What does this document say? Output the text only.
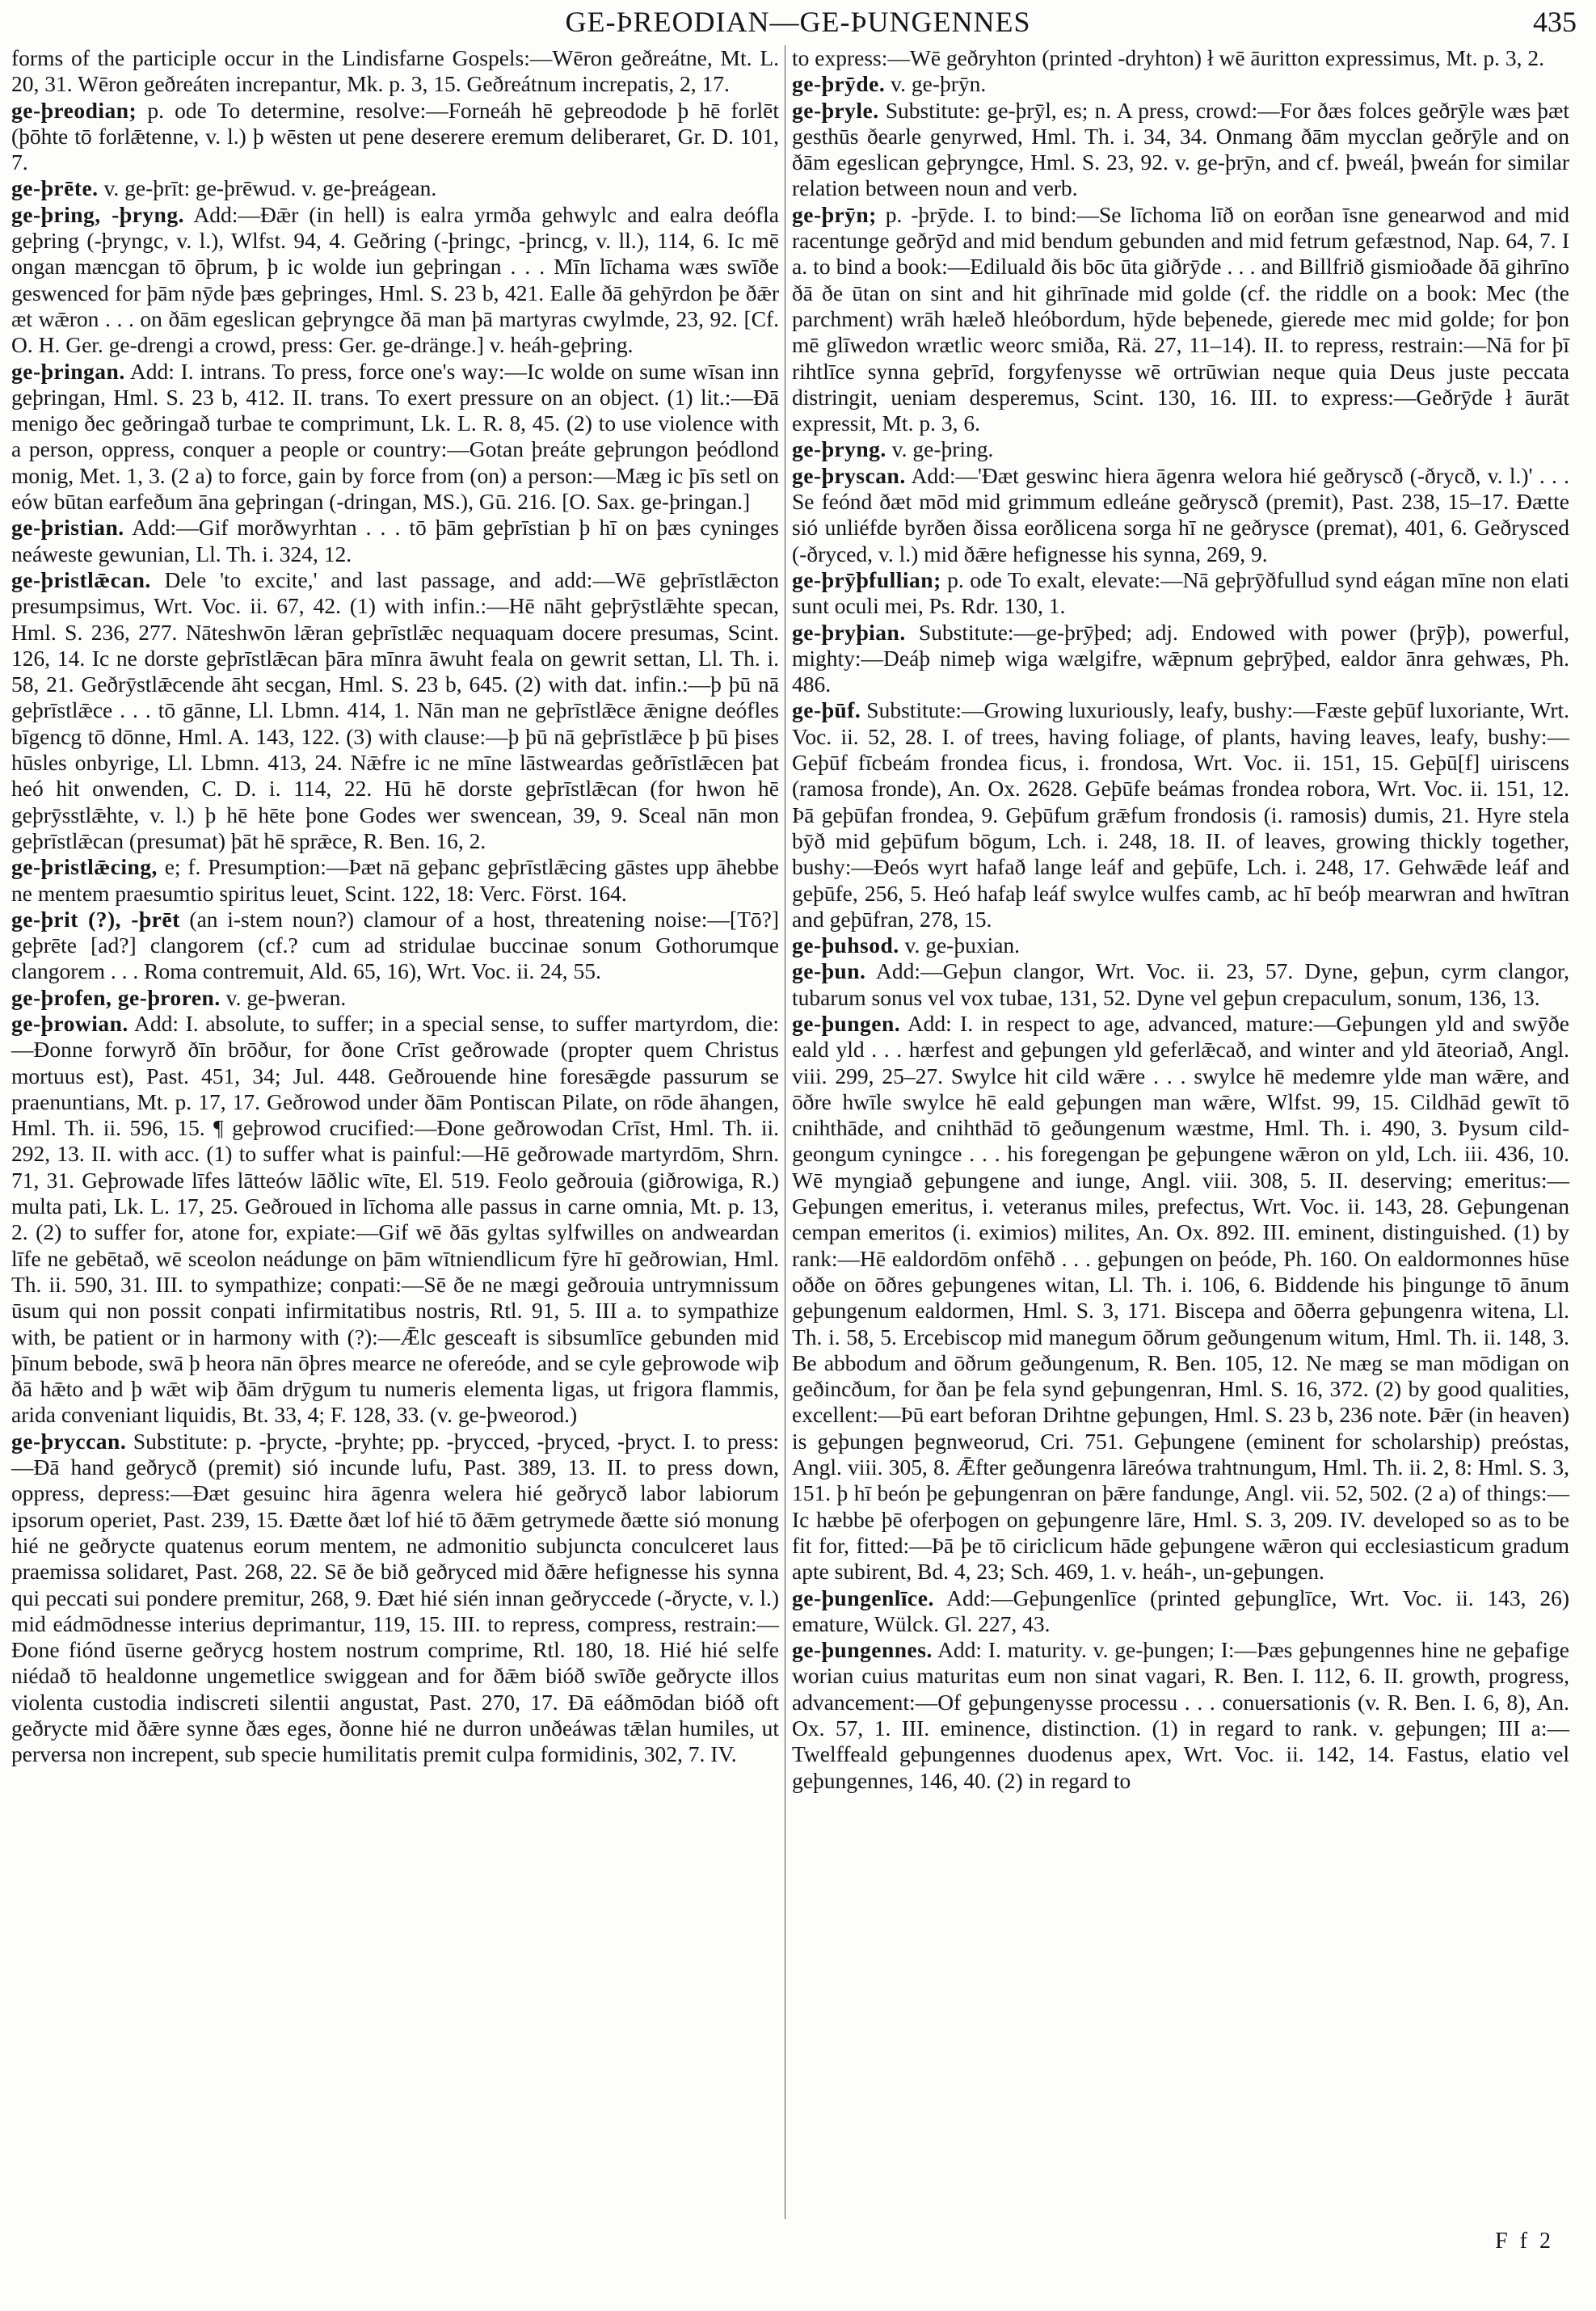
GE-ÞREODIAN—GE-ÞUNGENNES	435

forms of the participle occur in the Lindisfarne Gospels:—Wēron geðreátne, Mt. L. 20, 31. Wēron geðreáten increpantur, Mk. p. 3, 15. Geðreátnum increpatis, 2, 17.

ge-þreodian; p. ode To determine, resolve:—Forneáh hē geþreodode þ hē forlēt (þōhte tō forlǣtenne, v. l.) þ wēsten ut pene deserere eremum deliberaret, Gr. D. 101, 7.

ge-þrēte. v. ge-þrīt: ge-þrēwud. v. ge-þreágean.

ge-þring, -þryng. Add:—Ðǣr (in hell) is ealra yrmða gehwylc and ealra deófla geþring (-þryngc, v. l.), Wlfst. 94, 4. Geðring (-þringc, -þrincg, v. ll.), 114, 6. Ic mē ongan mæncgan tō ōþrum, þ ic wolde iun geþringan . . . Mīn līchama wæs swīðe geswenced for þām nȳde þæs geþringes, Hml. S. 23 b, 421. Ealle ðā gehȳrdon þe ðǣr æt wǣron . . . on ðām egeslican geþryngce ðā man þā martyras cwylmde, 23, 92. [Cf. O. H. Ger. ge-drengi a crowd, press: Ger. ge-dränge.] v. heáh-geþring.

ge-þringan. Add: I. intrans. To press, force one's way:—Ic wolde on sume wīsan inn geþringan, Hml. S. 23 b, 412. II. trans. To exert pressure on an object. (1) lit.:—Ðā menigo ðec geðringað turbae te comprimunt, Lk. L. R. 8, 45. (2) to use violence with a person, oppress, conquer a people or country:—Gotan þreáte geþrungon þeódlond monig, Met. 1, 3. (2 a) to force, gain by force from (on) a person:—Mæg ic þīs setl on eów būtan earfeðum āna geþringan (-dringan, MS.), Gū. 216. [O. Sax. ge-þringan.]

ge-þristian. Add:—Gif morðwyrhtan . . . tō þām geþrīstian þ hī on þæs cyninges neáweste gewunian, Ll. Th. i. 324, 12.

ge-þristlǣcan. Dele 'to excite,' and last passage, and add:—Wē geþrīstlǣcton presumpsimus, Wrt. Voc. ii. 67, 42. (1) with infin.:—Hē nāht geþrȳstlǣhte specan, Hml. S. 236, 277. Nāteshwōn lǣran geþrīstlǣc nequaquam docere presumas, Scint. 126, 14. Ic ne dorste geþrīstlǣcan þāra mīnra āwuht feala on gewrit settan, Ll. Th. i. 58, 21. Geðrȳstlǣcende āht secgan, Hml. S. 23 b, 645. (2) with dat. infin.:—þ þū nā geþrīstlǣce . . . tō gānne, Ll. Lbmn. 414, 1. Nān man ne geþrīstlǣce ǣnigne deófles bīgencg tō dōnne, Hml. A. 143, 122. (3) with clause:—þ þū nā geþrīstlǣce þ þū þises hūsles onbyrige, Ll. Lbmn. 413, 24. Nǣfre ic ne mīne lāstweardas geðrīstlǣcen þat heó hit onwenden, C. D. i. 114, 22. Hū hē dorste geþrīstlǣcan (for hwon hē geþrȳsstlǣhte, v. l.) þ hē hēte þone Godes wer swencean, 39, 9. Sceal nān mon geþrīstlǣcan (presumat) þāt hē sprǣce, R. Ben. 16, 2.

ge-þristlǣcing, e; f. Presumption:—Þæt nā geþanc geþrīstlǣcing gāstes upp āhebbe ne mentem praesumtio spiritus leuet, Scint. 122, 18: Verc. Först. 164.

ge-þrit (?), -þrēt (an i-stem noun?) clamour of a host, threatening noise:—[Tō?] geþrēte [ad?] clangorem (cf.? cum ad stridulae buccinae sonum Gothorumque clangorem . . . Roma contremuit, Ald. 65, 16), Wrt. Voc. ii. 24, 55.

ge-þrofen, ge-þroren. v. ge-þweran.

ge-þrowian. Add: I. absolute, to suffer; in a special sense, to suffer martyrdom, die:—Ðonne forwyrð ðīn brōður, for ðone Crīst geðrowade (propter quem Christus mortuus est), Past. 451, 34; Jul. 448. Geðrouende hine foresǣgde passurum se praenuntians, Mt. p. 17, 17. Geðrowod under ðām Pontiscan Pilate, on rōde āhangen, Hml. Th. ii. 596, 15. ¶ geþrowod crucified:—Ðone geðrowodan Crīst, Hml. Th. ii. 292, 13. II. with acc. (1) to suffer what is painful:—Hē geðrowade martyrdōm, Shrn. 71, 31. Geþrowade līfes lātteów lāðlic wīte, El. 519. Feolo geðrouia (giðrowiga, R.) multa pati, Lk. L. 17, 25. Geðroued in līchoma alle passus in carne omnia, Mt. p. 13, 2. (2) to suffer for, atone for, expiate:—Gif wē ðās gyltas sylfwilles on andweardan līfe ne gebētað, wē sceolon neádunge on þām wītniendlicum fȳre hī geðrowian, Hml. Th. ii. 590, 31. III. to sympathize; conpati:—Sē ðe ne mægi geðrouia untrymnissum ūsum qui non possit conpati infirmitatibus nostris, Rtl. 91, 5. III a. to sympathize with, be patient or in harmony with (?):—Ǣlc gesceaft is sibsumlīce gebunden mid þīnum bebode, swā þ heora nān ōþres mearce ne ofereóde, and se cyle geþrowode wiþ ðā hǣto and þ wǣt wiþ ðām drȳgum tu numeris elementa ligas, ut frigora flammis, arida conveniant liquidis, Bt. 33, 4; F. 128, 33. (v. ge-þweorod.)

ge-þryccan. Substitute: p. -þrycte, -þryhte; pp. -þrycced, -þryced, -þryct. I. to press:—Ðā hand geðrycð (premit) sió incunde lufu, Past. 389, 13. II. to press down, oppress, depress:—Ðæt gesuinc hira āgenra welera hié geðrycð labor labiorum ipsorum operiet, Past. 239, 15. Ðætte ðæt lof hié tō ðǣm getrymede ðætte sió monung hié ne geðrycte quatenus eorum mentem, ne admonitio subjuncta conculceret laus praemissa solidaret, Past. 268, 22. Sē ðe bið geðryced mid ðǣre hefignesse his synna qui peccati sui pondere premitur, 268, 9. Ðæt hié sién innan geðryccede (-ðrycte, v. l.) mid eádmōdnesse interius deprimantur, 119, 15. III. to repress, compress, restrain:—Ðone fiónd ūserne geðrycg hostem nostrum comprime, Rtl. 180, 18. Hié hié selfe niédað tō healdonne ungemetlice swiggean and for ðǣm bióð swīðe geðrycte illos violenta custodia indiscreti silentii angustat, Past. 270, 17. Ðā eáðmōdan bióð oft geðrycte mid ðǣre synne ðæs eges, ðonne hié ne durron unðeáwas tǣlan humiles, ut perversa non increpent, sub specie humilitatis premit culpa formidinis, 302, 7. IV.

to express:—Wē geðryhton (printed -dryhton) ł wē āuritton expressimus, Mt. p. 3, 2.

ge-þrȳde. v. ge-þrȳn.

ge-þryle. Substitute: ge-þrȳl, es; n. A press, crowd:—For ðæs folces geðrȳle wæs þæt gesthūs ðearle genyrwed, Hml. Th. i. 34, 34. Onmang ðām mycclan geðrȳle and on ðām egeslican geþryngce, Hml. S. 23, 92. v. ge-þrȳn, and cf. þweál, þweán for similar relation between noun and verb.

ge-þrȳn; p. -þrȳde. I. to bind:—Se līchoma līð on eorðan īsne genearwod and mid racentunge geðrȳd and mid bendum gebunden and mid fetrum gefæstnod, Nap. 64, 7. I a. to bind a book:—Ediluald ðis bōc ūta giðrȳde . . . and Billfrið gismioðade ðā gihrīno ðā ðe ūtan on sint and hit gihrīnade mid golde (cf. the riddle on a book: Mec (the parchment) wrāh hæleð hleóbordum, hȳde beþenede, gierede mec mid golde; for þon mē glīwedon wrætlic weorc smiða, Rä. 27, 11–14). II. to repress, restrain:—Nā for þī rihtlīce synna geþrīd, forgyfenysse wē ortrūwian neque quia Deus juste peccata distringit, ueniam desperemus, Scint. 130, 16. III. to express:—Geðrȳde ł āurāt expressit, Mt. p. 3, 6.

ge-þryng. v. ge-þring.

ge-þryscan. Add:—'Ðæt geswinc hiera āgenra welora hié geðryscð (-ðrycð, v. l.)' . . . Se feónd ðæt mōd mid grimmum edleáne geðryscð (premit), Past. 238, 15–17. Ðætte sió unliéfde byrðen ðissa eorðlicena sorga hī ne geðrysce (premat), 401, 6. Geðrysced (-ðryced, v. l.) mid ðǣre hefignesse his synna, 269, 9.

ge-þrȳþfullian; p. ode To exalt, elevate:—Nā geþrȳðfullud synd eágan mīne non elati sunt oculi mei, Ps. Rdr. 130, 1.

ge-þryþian. Substitute:—ge-þrȳþed; adj. Endowed with power (þrȳþ), powerful, mighty:—Deáþ nimeþ wiga wælgifre, wǣpnum geþrȳþed, ealdor ānra gehwæs, Ph. 486.

ge-þūf. Substitute:—Growing luxuriously, leafy, bushy:—Fæste geþūf luxoriante, Wrt. Voc. ii. 52, 28. I. of trees, having foliage, of plants, having leaves, leafy, bushy:—Geþūf fīcbeám frondea ficus, i. frondosa, Wrt. Voc. ii. 151, 15. Geþū[f] uiriscens (ramosa fronde), An. Ox. 2628. Geþūfe beámas frondea robora, Wrt. Voc. ii. 151, 12. Þā geþūfan frondea, 9. Geþūfum grǣfum frondosis (i. ramosis) dumis, 21. Hyre stela bȳð mid geþūfum bōgum, Lch. i. 248, 18. II. of leaves, growing thickly together, bushy:—Ðeós wyrt hafað lange leáf and geþūfe, Lch. i. 248, 17. Gehwǣde leáf and geþūfe, 256, 5. Heó hafaþ leáf swylce wulfes camb, ac hī beóþ mearwran and hwītran and geþūfran, 278, 15.

ge-þuhsod. v. ge-þuxian.

ge-þun. Add:—Geþun clangor, Wrt. Voc. ii. 23, 57. Dyne, geþun, cyrm clangor, tubarum sonus vel vox tubae, 131, 52. Dyne vel geþun crepaculum, sonum, 136, 13.

ge-þungen. Add: I. in respect to age, advanced, mature:—Geþungen yld and swȳðe eald yld . . . hærfest and geþungen yld geferlǣcað, and winter and yld āteoriað, Angl. viii. 299, 25–27. Swylce hit cild wǣre . . . swylce hē medemre ylde man wǣre, and ōðre hwīle swylce hē eald geþungen man wǣre, Wlfst. 99, 15. Cildhād gewīt tō cnihthāde, and cnihthād tō geðungenum wæstme, Hml. Th. i. 490, 3. Þysum cild-geongum cyningce . . . his foregengan þe geþungene wǣron on yld, Lch. iii. 436, 10. Wē myngiað geþungene and iunge, Angl. viii. 308, 5. II. deserving; emeritus:—Geþungen emeritus, i. veteranus miles, prefectus, Wrt. Voc. ii. 143, 28. Geþungenan cempan emeritos (i. eximios) milites, An. Ox. 892. III. eminent, distinguished. (1) by rank:—Hē ealdordōm onfēhð . . . geþungen on þeóde, Ph. 160. On ealdormonnes hūse oððe on ōðres geþungenes witan, Ll. Th. i. 106, 6. Biddende his þingunge tō ānum geþungenum ealdormen, Hml. S. 3, 171. Biscepa and ōðerra geþungenra witena, Ll. Th. i. 58, 5. Ercebiscop mid manegum ōðrum geðungenum witum, Hml. Th. ii. 148, 3. Be abbodum and ōðrum geðungenum, R. Ben. 105, 12. Ne mæg se man mōdigan on geðincðum, for ðan þe fela synd geþungenran, Hml. S. 16, 372. (2) by good qualities, excellent:—Þū eart beforan Drihtne geþungen, Hml. S. 23 b, 236 note. Þǣr (in heaven) is geþungen þegnweorud, Cri. 751. Geþungene (eminent for scholarship) preóstas, Angl. viii. 305, 8. Ǣfter geðungenra lāreówa trahtnungum, Hml. Th. ii. 2, 8: Hml. S. 3, 151. þ hī beón þe geþungenran on þǣre fandunge, Angl. vii. 52, 502. (2 a) of things:—Ic hæbbe þē oferþogen on geþungenre lāre, Hml. S. 3, 209. IV. developed so as to be fit for, fitted:—Þā þe tō ciriclicum hāde geþungene wǣron qui ecclesiasticum gradum apte subirent, Bd. 4, 23; Sch. 469, 1. v. heáh-, un-geþungen.

ge-þungenlīce. Add:—Geþungenlīce (printed geþunglīce, Wrt. Voc. ii. 143, 26) emature, Wülck. Gl. 227, 43.

ge-þungennes. Add: I. maturity. v. ge-þungen; I:—Þæs geþungennes hine ne geþafige worian cuius maturitas eum non sinat vagari, R. Ben. I. 112, 6. II. growth, progress, advancement:—Of geþungenysse processu . . . conuersationis (v. R. Ben. I. 6, 8), An. Ox. 57, 1. III. eminence, distinction. (1) in regard to rank. v. geþungen; III a:—Twelffeald geþungennes duodenus apex, Wrt. Voc. ii. 142, 14. Fastus, elatio vel geþungennes, 146, 40. (2) in regard to

F f 2
